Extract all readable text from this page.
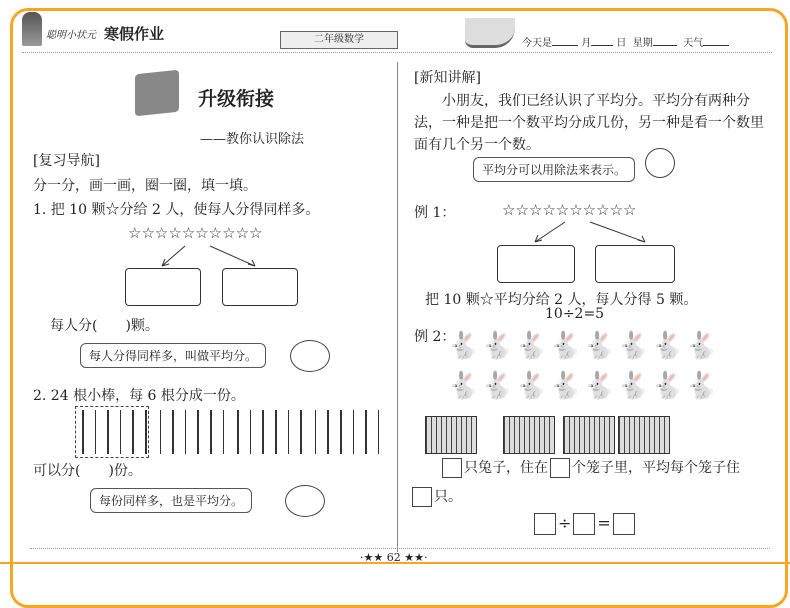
聪明小状元 寒假作业	二年级数学	今天是	月	日 星期	天气
升级衔接
——教你认识除法
[复习导航]
分一分，画一画，圈一圈，填一填。
1. 把 10 颗☆分给 2 人，使每人分得同样多。
☆☆☆☆☆☆☆☆☆☆
每人分(　　)颗。
每人分得同样多，叫做平均分。
2. 24 根小棒，每 6 根分成一份。
可以分(　　)份。
每份同样多，也是平均分。
[新知讲解]
小朋友，我们已经认识了平均分。平均分有两种分法，一种是把一个数平均分成几份，另一种是看一个数里面有几个另一个数。
平均分可以用除法来表示。
例 1：	☆☆☆☆☆☆☆☆☆☆
把 10 颗☆平均分给 2 人，每人分得 5 颗。
10÷2=5
例 2：
🐇 🐇 🐇 🐇 🐇 🐇 🐇 🐇
🐇 🐇 🐇 🐇 🐇 🐇 🐇 🐇
只兔子，住在 个笼子里，平均每个笼子住
只。
÷ =
·★★ 62 ★★·
